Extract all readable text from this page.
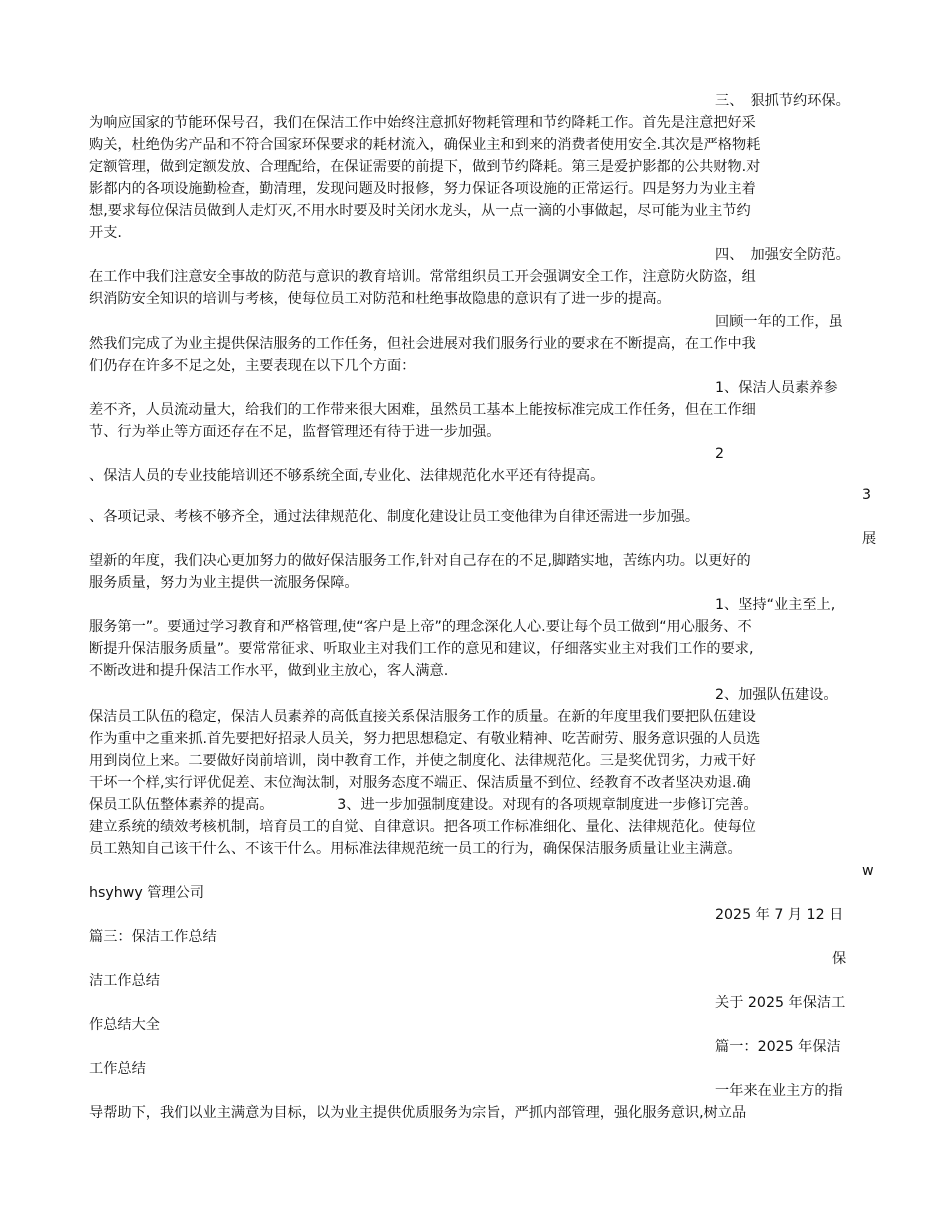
三、　狠抓节约环保。
为响应国家的节能环保号召，我们在保洁工作中始终注意抓好物耗管理和节约降耗工作。首先是注意把好采
购关，杜绝伪劣产品和不符合国家环保要求的耗材流入，确保业主和到来的消费者使用安全.其次是严格物耗
定额管理，做到定额发放、合理配给，在保证需要的前提下，做到节约降耗。第三是爱护影都的公共财物.对
影都内的各项设施勤检查，勤清理，发现问题及时报修，努力保证各项设施的正常运行。四是努力为业主着
想,要求每位保洁员做到人走灯灭,不用水时要及时关闭水龙头，从一点一滴的小事做起，尽可能为业主节约
开支.
四、　加强安全防范。
在工作中我们注意安全事故的防范与意识的教育培训。常常组织员工开会强调安全工作，注意防火防盗，组
织消防安全知识的培训与考核，使每位员工对防范和杜绝事故隐患的意识有了进一步的提高。
回顾一年的工作，虽
然我们完成了为业主提供保洁服务的工作任务，但社会进展对我们服务行业的要求在不断提高，在工作中我
们仍存在许多不足之处，主要表现在以下几个方面：
1、保洁人员素养参
差不齐，人员流动量大，给我们的工作带来很大困难，虽然员工基本上能按标准完成工作任务，但在工作细
节、行为举止等方面还存在不足，监督管理还有待于进一步加强。
2
、保洁人员的专业技能培训还不够系统全面,专业化、法律规范化水平还有待提高。
3
、各项记录、考核不够齐全，通过法律规范化、制度化建设让员工变他律为自律还需进一步加强。
展
望新的年度，我们决心更加努力的做好保洁服务工作,针对自己存在的不足,脚踏实地，苦练内功。以更好的
服务质量，努力为业主提供一流服务保障。
1、坚持“业主至上,
服务第一”。要通过学习教育和严格管理,使“客户是上帝”的理念深化人心.要让每个员工做到“用心服务、不
断提升保洁服务质量”。要常常征求、听取业主对我们工作的意见和建议，仔细落实业主对我们工作的要求,
不断改进和提升保洁工作水平，做到业主放心，客人满意.
2、加强队伍建设。
保洁员工队伍的稳定，保洁人员素养的高低直接关系保洁服务工作的质量。在新的年度里我们要把队伍建设
作为重中之重来抓.首先要把好招录人员关，努力把思想稳定、有敬业精神、吃苦耐劳、服务意识强的人员选
用到岗位上来。二要做好岗前培训，岗中教育工作，并使之制度化、法律规范化。三是奖优罚劣，力戒干好
干坏一个样,实行评优促差、末位淘汰制，对服务态度不端正、保洁质量不到位、经教育不改者坚决劝退.确
保员工队伍整体素养的提高。　　　　　3、进一步加强制度建设。对现有的各项规章制度进一步修订完善。
建立系统的绩效考核机制，培育员工的自觉、自律意识。把各项工作标准细化、量化、法律规范化。使每位
员工熟知自己该干什么、不该干什么。用标准法律规范统一员工的行为，确保保洁服务质量让业主满意。
w
hsyhwy 管理公司
2025 年 7 月 12 日
篇三：保洁工作总结
保
洁工作总结
关于 2025 年保洁工
作总结大全
篇一：2025 年保洁
工作总结
一年来在业主方的指
导帮助下，我们以业主满意为目标，以为业主提供优质服务为宗旨，严抓内部管理，强化服务意识,树立品
